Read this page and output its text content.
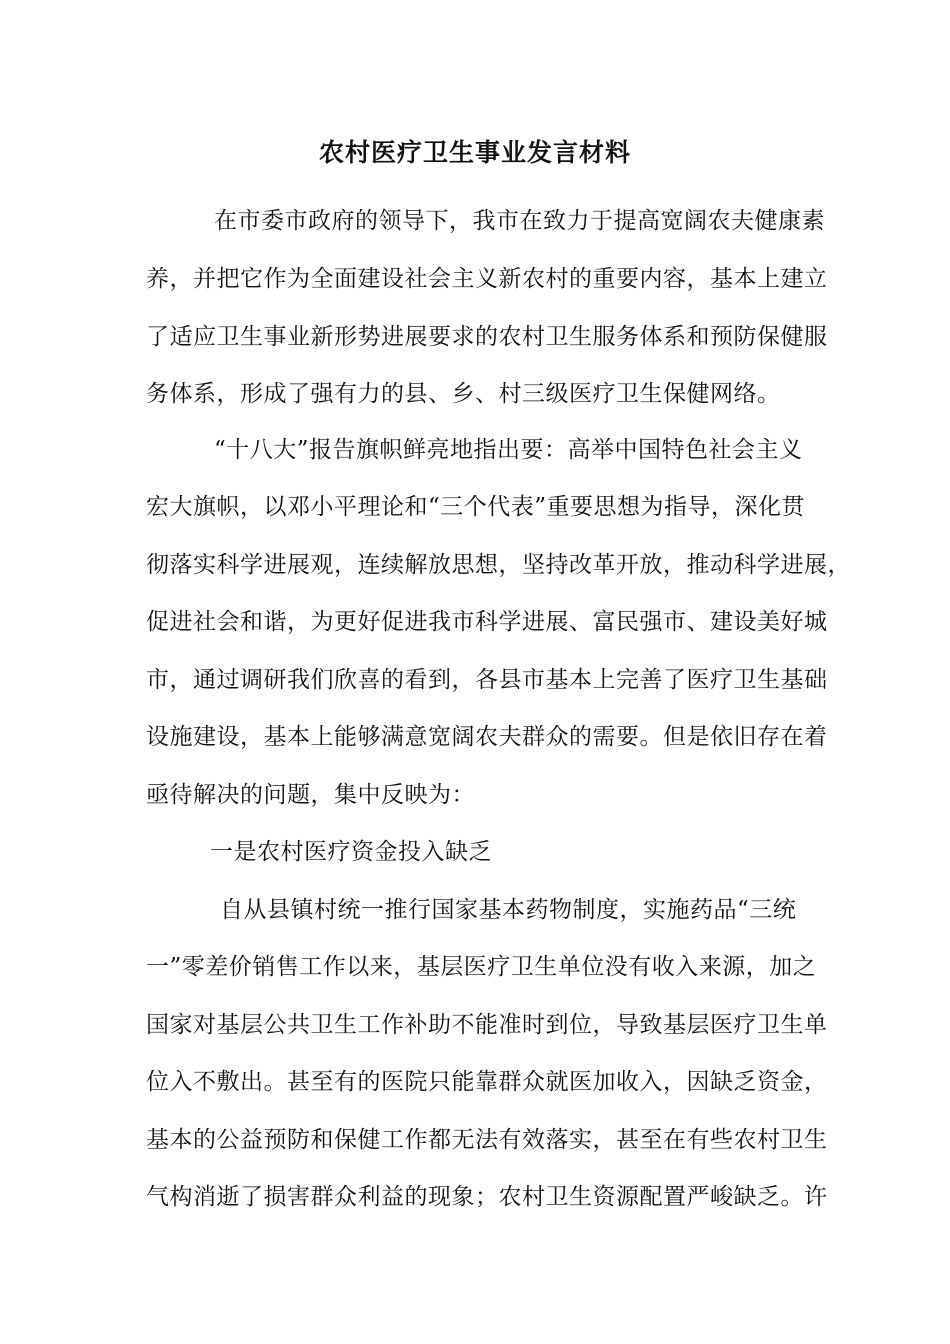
农村医疗卫生事业发言材料
在市委市政府的领导下，我市在致力于提高宽阔农夫健康素
养，并把它作为全面建设社会主义新农村的重要内容，基本上建立
了适应卫生事业新形势进展要求的农村卫生服务体系和预防保健服
务体系，形成了强有力的县、乡、村三级医疗卫生保健网络。
“十八大”报告旗帜鲜亮地指出要：高举中国特色社会主义
宏大旗帜，以邓小平理论和“三个代表”重要思想为指导，深化贯
彻落实科学进展观，连续解放思想，坚持改革开放，推动科学进展，
促进社会和谐，为更好促进我市科学进展、富民强市、建设美好城
市，通过调研我们欣喜的看到，各县市基本上完善了医疗卫生基础
设施建设，基本上能够满意宽阔农夫群众的需要。但是依旧存在着
亟待解决的问题，集中反映为：
一是农村医疗资金投入缺乏
自从县镇村统一推行国家基本药物制度，实施药品“三统
一”零差价销售工作以来，基层医疗卫生单位没有收入来源，加之
国家对基层公共卫生工作补助不能准时到位，导致基层医疗卫生单
位入不敷出。甚至有的医院只能靠群众就医加收入，因缺乏资金，
基本的公益预防和保健工作都无法有效落实，甚至在有些农村卫生
气构消逝了损害群众利益的现象；农村卫生资源配置严峻缺乏。许
